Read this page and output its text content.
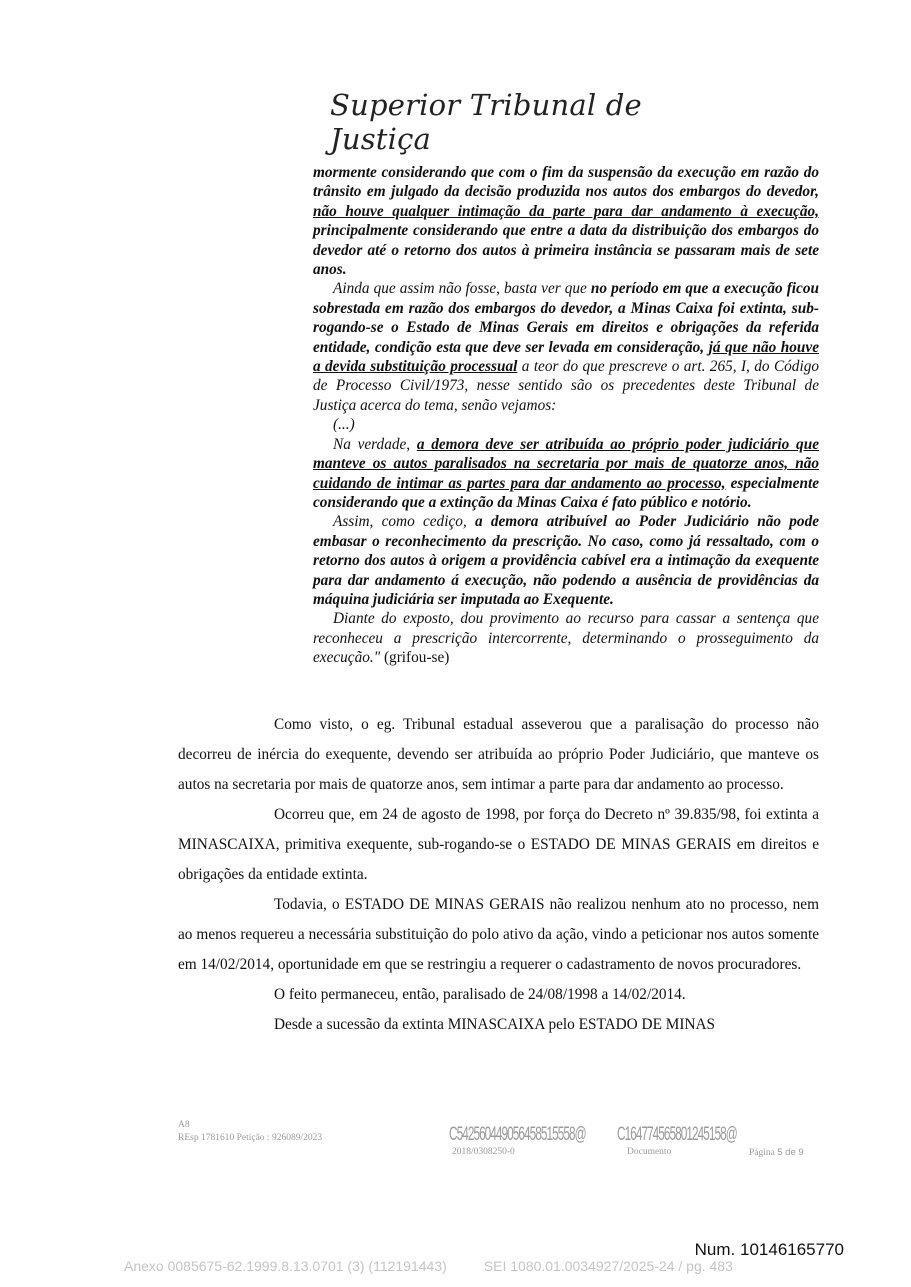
Superior Tribunal de Justiça

mormente considerando que com o fim da suspensão da execução em razão do trânsito em julgado da decisão produzida nos autos dos embargos do devedor, não houve qualquer intimação da parte para dar andamento à execução, principalmente considerando que entre a data da distribuição dos embargos do devedor até o retorno dos autos à primeira instância se passaram mais de sete anos.

Ainda que assim não fosse, basta ver que no período em que a execução ficou sobrestada em razão dos embargos do devedor, a Minas Caixa foi extinta, sub-rogando-se o Estado de Minas Gerais em direitos e obrigações da referida entidade, condição esta que deve ser levada em consideração, já que não houve a devida substituição processual a teor do que prescreve o art. 265, I, do Código de Processo Civil/1973, nesse sentido são os precedentes deste Tribunal de Justiça acerca do tema, senão vejamos:

(...)

Na verdade, a demora deve ser atribuída ao próprio poder judiciário que manteve os autos paralisados na secretaria por mais de quatorze anos, não cuidando de intimar as partes para dar andamento ao processo, especialmente considerando que a extinção da Minas Caixa é fato público e notório.

Assim, como cediço, a demora atribuível ao Poder Judiciário não pode embasar o reconhecimento da prescrição. No caso, como já ressaltado, com o retorno dos autos à origem a providência cabível era a intimação da exequente para dar andamento á execução, não podendo a ausência de providências da máquina judiciária ser imputada ao Exequente.

Diante do exposto, dou provimento ao recurso para cassar a sentença que reconheceu a prescrição intercorrente, determinando o prosseguimento da execução." (grifou-se)

Como visto, o eg. Tribunal estadual asseverou que a paralisação do processo não decorreu de inércia do exequente, devendo ser atribuída ao próprio Poder Judiciário, que manteve os autos na secretaria por mais de quatorze anos, sem intimar a parte para dar andamento ao processo.

Ocorreu que, em 24 de agosto de 1998, por força do Decreto nº 39.835/98, foi extinta a MINASCAIXA, primitiva exequente, sub-rogando-se o ESTADO DE MINAS GERAIS em direitos e obrigações da entidade extinta.

Todavia, o ESTADO DE MINAS GERAIS não realizou nenhum ato no processo, nem ao menos requereu a necessária substituição do polo ativo da ação, vindo a peticionar nos autos somente em 14/02/2014, oportunidade em que se restringiu a requerer o cadastramento de novos procuradores.

O feito permaneceu, então, paralisado de 24/08/1998 a 14/02/2014.

Desde a sucessão da extinta MINASCAIXA pelo ESTADO DE MINAS

A8
REsp 1781610 Petição : 926089/2023	C542560449056458515558@
2018/0308250-0
C164774565801245158@
Documento	Página 5 de 9
Num. 10146165770
Anexo 0085675-62.1999.8.13.0701 (3) (112191443)	SEI 1080.01.0034927/2025-24 / pg. 483
